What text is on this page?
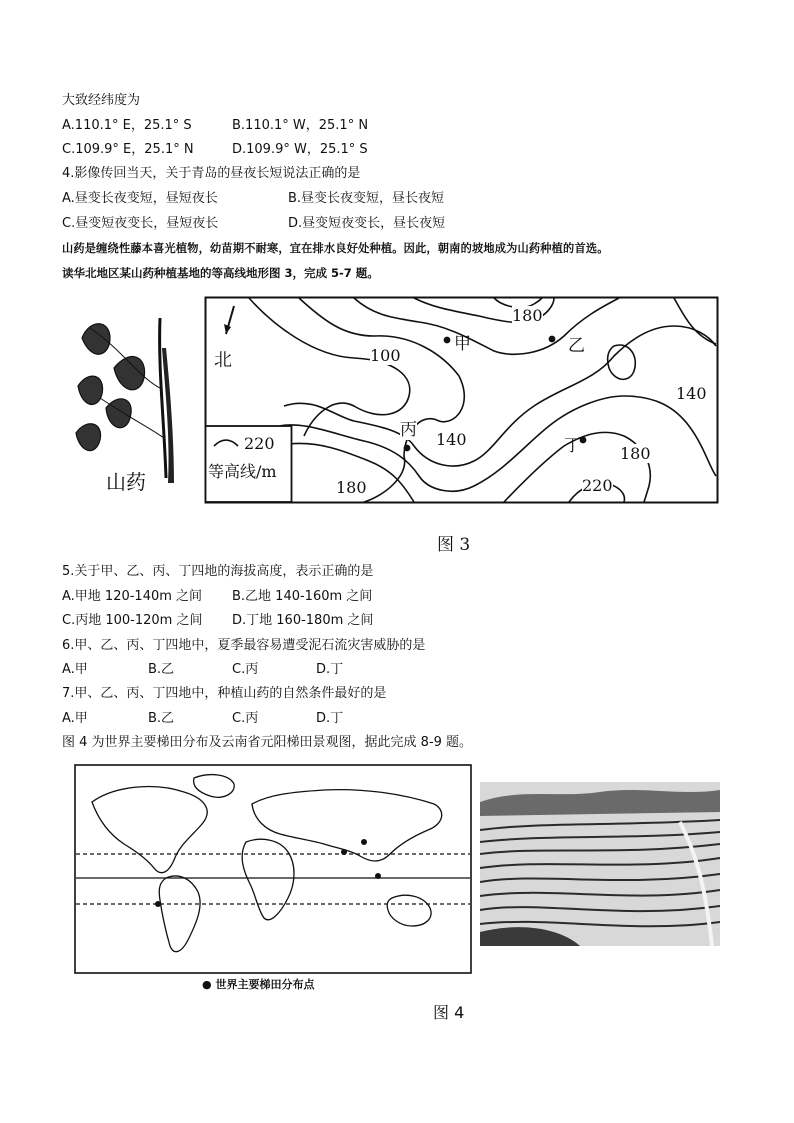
大致经纬度为
A.110.1° E，25.1° S	B.110.1° W，25.1° N
C.109.9° E，25.1° N	D.109.9° W，25.1° S
4.影像传回当天，关于青岛的昼夜长短说法正确的是
A.昼变长夜变短，昼短夜长	B.昼变长夜变短，昼长夜短
C.昼变短夜变长，昼短夜长	D.昼变短夜变长，昼长夜短
山药是缠绕性藤本喜光植物，幼苗期不耐寒，宜在排水良好处种植。因此，朝南的坡地成为山药种植的首选。
读华北地区某山药种植基地的等高线地形图 3，完成 5-7 题。
山药
北
220
等高线/m
100
180
140
140
180
180	220
甲	乙
丙
丁
图 3
5.关于甲、乙、丙、丁四地的海拔高度，表示正确的是
A.甲地 120-140m 之间 B.乙地 140-160m 之间
C.丙地 100-120m 之间 D.丁地 160-180m 之间
6.甲、乙、丙、丁四地中，夏季最容易遭受泥石流灾害威胁的是
A.甲	B.乙	C.丙	D.丁
7.甲、乙、丙、丁四地中，种植山药的自然条件最好的是
A.甲	B.乙	C.丙	D.丁
图 4 为世界主要梯田分布及云南省元阳梯田景观图，据此完成 8-9 题。
● 世界主要梯田分布点
图 4
